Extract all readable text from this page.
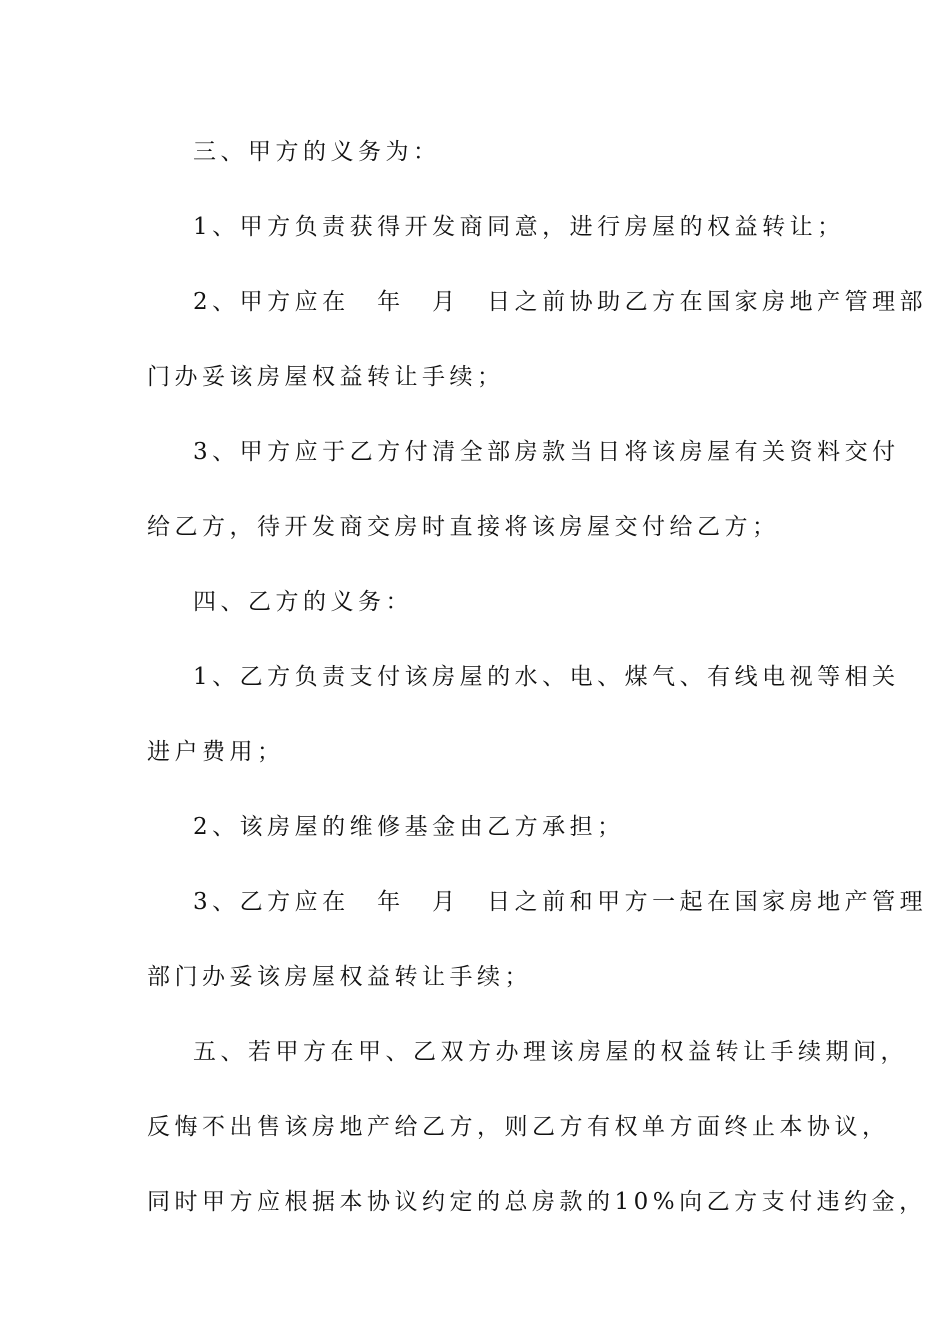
三、甲方的义务为：
1、甲方负责获得开发商同意，进行房屋的权益转让；
2、甲方应在　年　月　日之前协助乙方在国家房地产管理部
门办妥该房屋权益转让手续；
3、甲方应于乙方付清全部房款当日将该房屋有关资料交付
给乙方，待开发商交房时直接将该房屋交付给乙方；
四、乙方的义务：
1、乙方负责支付该房屋的水、电、煤气、有线电视等相关
进户费用；
2、该房屋的维修基金由乙方承担；
3、乙方应在　年　月　日之前和甲方一起在国家房地产管理
部门办妥该房屋权益转让手续；
五、若甲方在甲、乙双方办理该房屋的权益转让手续期间，
反悔不出售该房地产给乙方，则乙方有权单方面终止本协议，
同时甲方应根据本协议约定的总房款的10%向乙方支付违约金，
